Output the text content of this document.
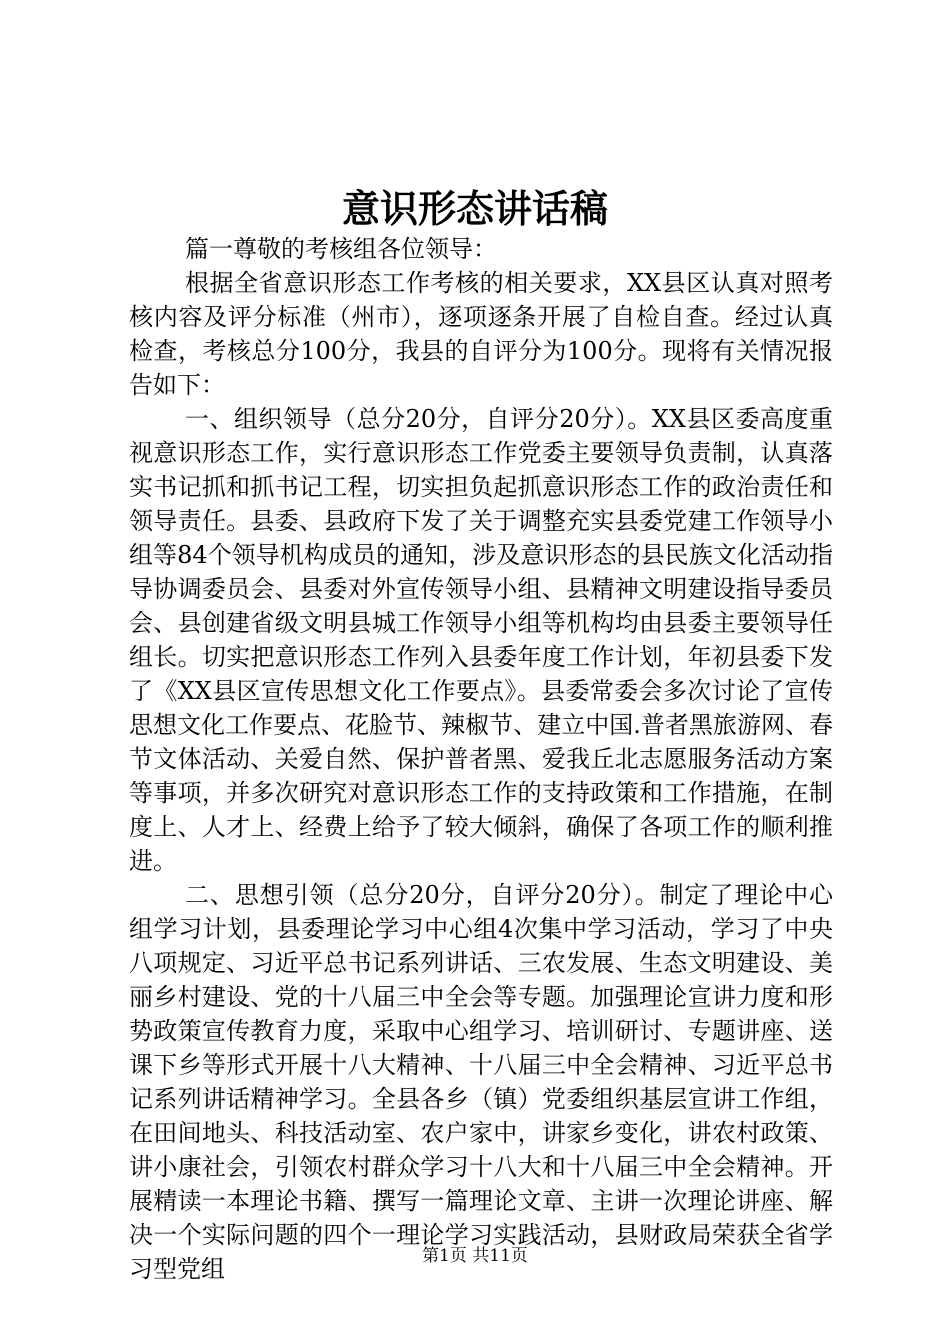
意识形态讲话稿

篇一尊敬的考核组各位领导：

根据全省意识形态工作考核的相关要求，XX县区认真对照考核内容及评分标准（州市），逐项逐条开展了自检自查。经过认真检查，考核总分100分，我县的自评分为100分。现将有关情况报告如下：

一、组织领导（总分20分，自评分20分）。XX县区委高度重视意识形态工作，实行意识形态工作党委主要领导负责制，认真落实书记抓和抓书记工程，切实担负起抓意识形态工作的政治责任和领导责任。县委、县政府下发了关于调整充实县委党建工作领导小组等84个领导机构成员的通知，涉及意识形态的县民族文化活动指导协调委员会、县委对外宣传领导小组、县精神文明建设指导委员会、县创建省级文明县城工作领导小组等机构均由县委主要领导任组长。切实把意识形态工作列入县委年度工作计划，年初县委下发了《XX县区宣传思想文化工作要点》。县委常委会多次讨论了宣传思想文化工作要点、花脸节、辣椒节、建立中国.普者黑旅游网、春节文体活动、关爱自然、保护普者黑、爱我丘北志愿服务活动方案等事项，并多次研究对意识形态工作的支持政策和工作措施，在制度上、人才上、经费上给予了较大倾斜，确保了各项工作的顺利推进。

二、思想引领（总分20分，自评分20分）。制定了理论中心组学习计划，县委理论学习中心组4次集中学习活动，学习了中央八项规定、习近平总书记系列讲话、三农发展、生态文明建设、美丽乡村建设、党的十八届三中全会等专题。加强理论宣讲力度和形势政策宣传教育力度，采取中心组学习、培训研讨、专题讲座、送课下乡等形式开展十八大精神、十八届三中全会精神、习近平总书记系列讲话精神学习。全县各乡（镇）党委组织基层宣讲工作组，在田间地头、科技活动室、农户家中，讲家乡变化，讲农村政策、讲小康社会，引领农村群众学习十八大和十八届三中全会精神。开展精读一本理论书籍、撰写一篇理论文章、主讲一次理论讲座、解决一个实际问题的四个一理论学习实践活动，县财政局荣获全省学习型党组	第1页 共11页
